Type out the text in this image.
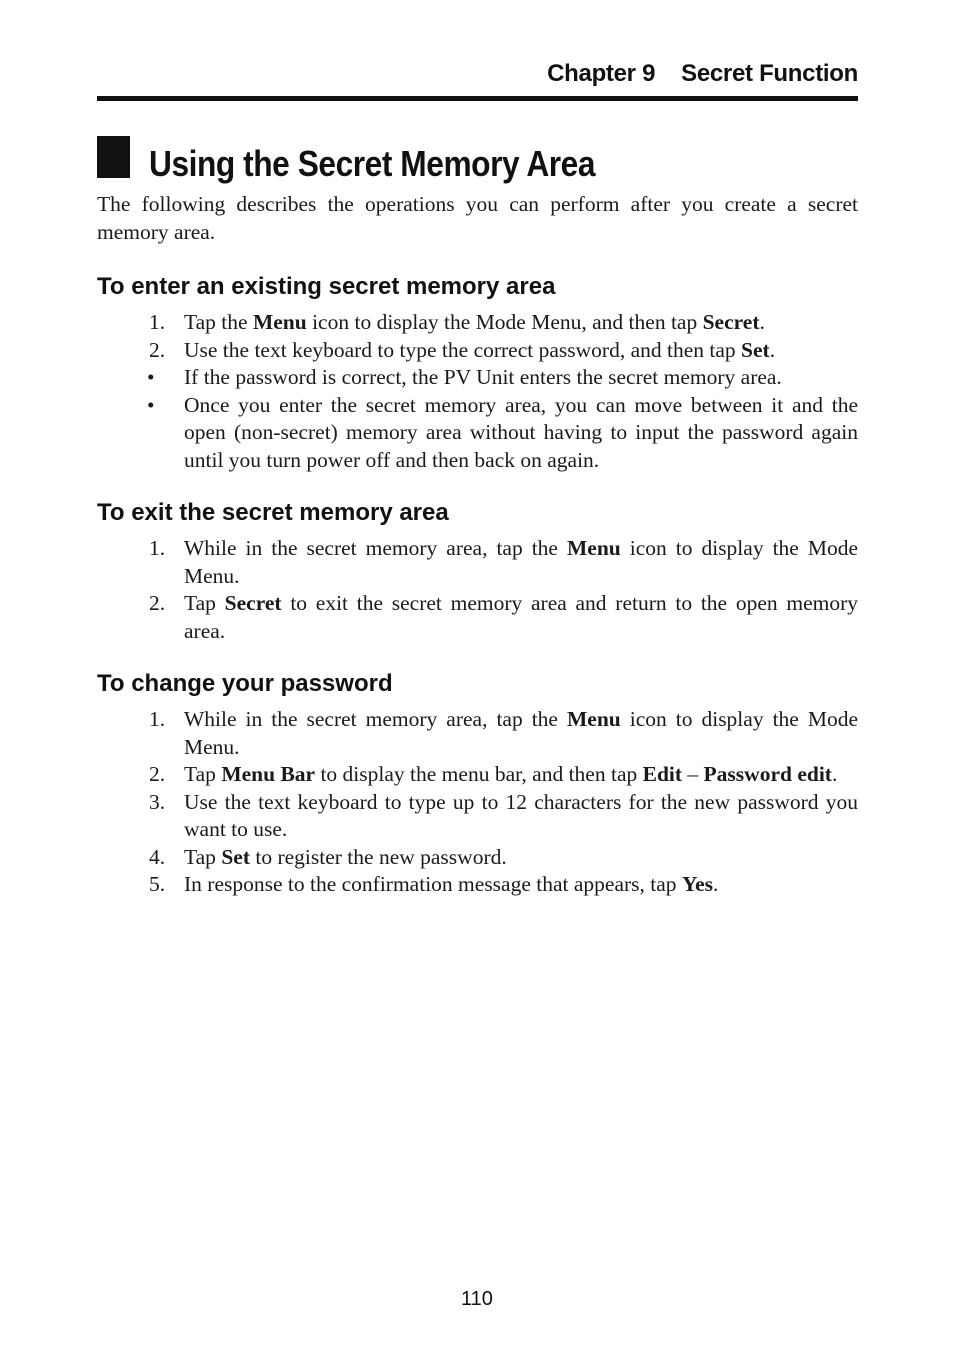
Chapter 9 Secret Function
Using the Secret Memory Area

The following describes the operations you can perform after you create a secret memory area.

To enter an existing secret memory area
1. Tap the Menu icon to display the Mode Menu, and then tap Secret.
2. Use the text keyboard to type the correct password, and then tap Set.
• If the password is correct, the PV Unit enters the secret memory area.
• Once you enter the secret memory area, you can move between it and the open (non-secret) memory area without having to input the password again until you turn power off and then back on again.
To exit the secret memory area
1. While in the secret memory area, tap the Menu icon to display the Mode Menu.
2. Tap Secret to exit the secret memory area and return to the open memory area.
To change your password
1. While in the secret memory area, tap the Menu icon to display the Mode Menu.
2. Tap Menu Bar to display the menu bar, and then tap Edit – Password edit.
3. Use the text keyboard to type up to 12 characters for the new password you want to use.
4. Tap Set to register the new password.
5. In response to the confirmation message that appears, tap Yes.
110
